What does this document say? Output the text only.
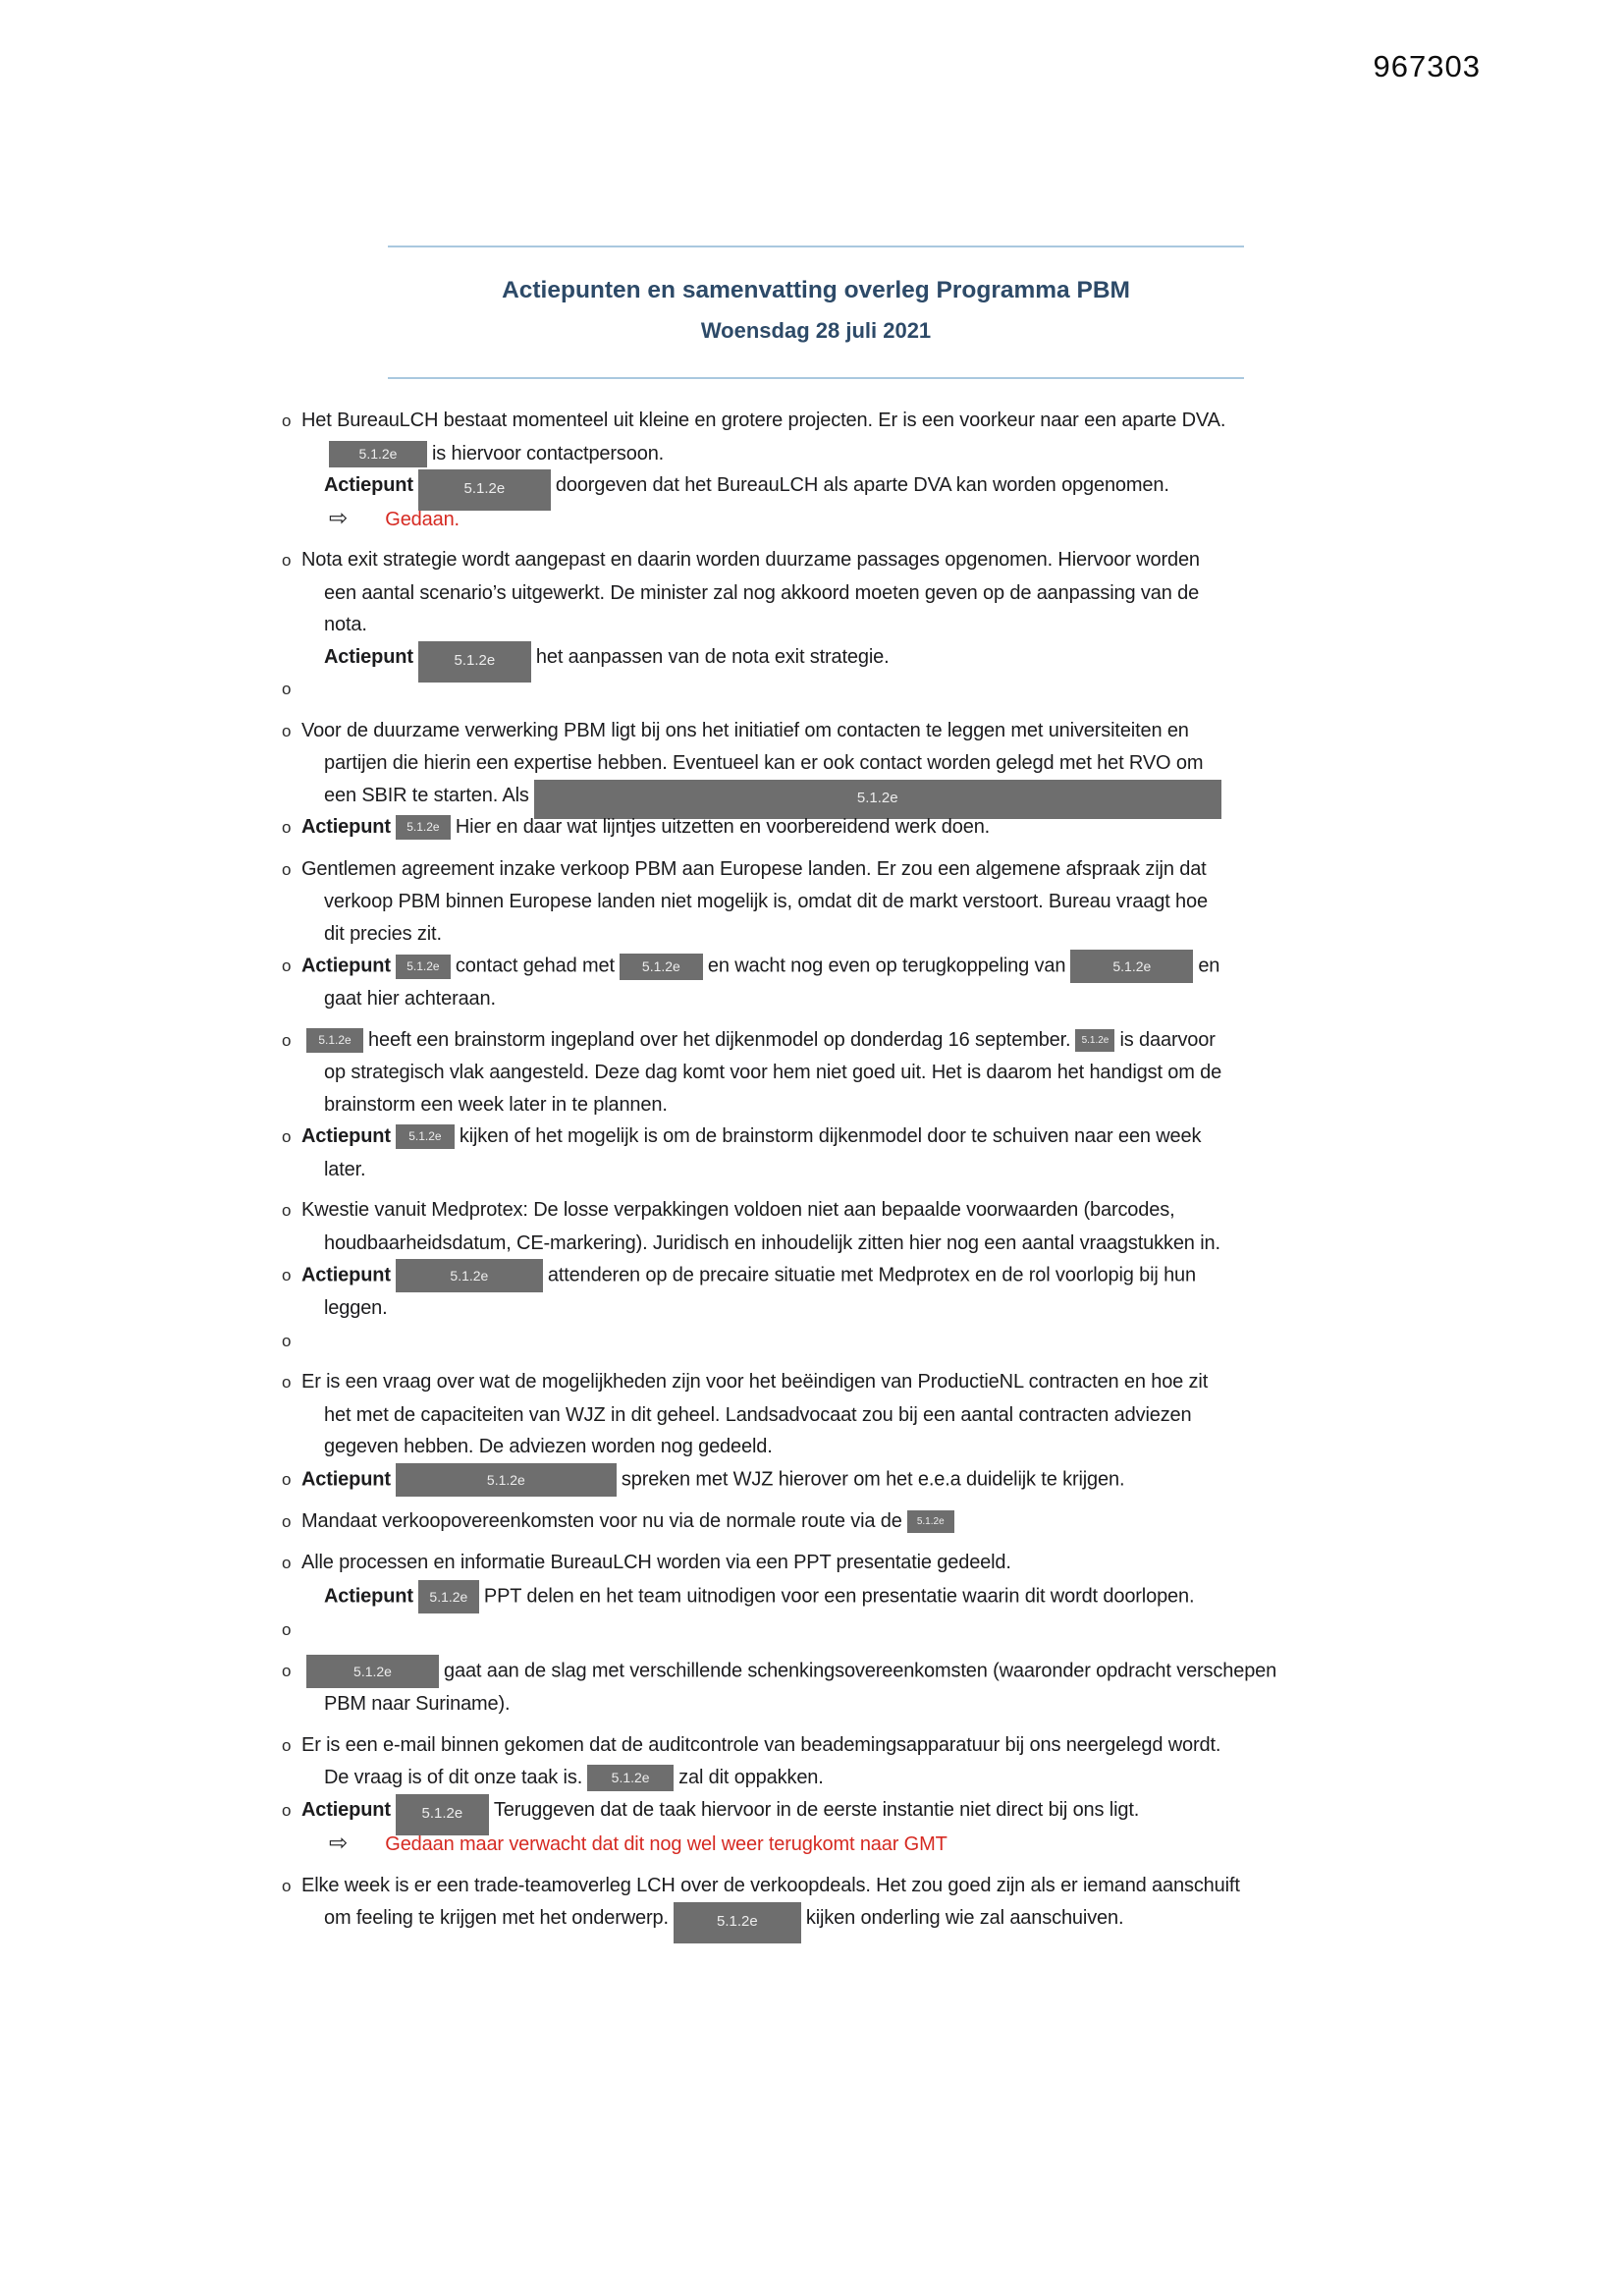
967303
Actiepunten en samenvatting overleg Programma PBM
Woensdag 28 juli 2021
o Het BureauLCH bestaat momenteel uit kleine en grotere projecten. Er is een voorkeur naar een aparte DVA.
5.1.2e is hiervoor contactpersoon.
Actiepunt	5.1.2e	doorgeven dat het BureauLCH als aparte DVA kan worden opgenomen.
⇨ Gedaan.
o Nota exit strategie wordt aangepast en daarin worden duurzame passages opgenomen. Hiervoor worden
een aantal scenario’s uitgewerkt. De minister zal nog akkoord moeten geven op de aanpassing van de
nota.
Actiepunt	5.1.2e het aanpassen van de nota exit strategie.
o
o Voor de duurzame verwerking PBM ligt bij ons het initiatief om contacten te leggen met universiteiten en
partijen die hierin een expertise hebben. Eventueel kan er ook contact worden gelegd met het RVO om
een SBIR te starten. Als	5.1.2e
o Actiepunt 5.1.2e Hier en daar wat lijntjes uitzetten en voorbereidend werk doen.
o Gentlemen agreement inzake verkoop PBM aan Europese landen. Er zou een algemene afspraak zijn dat
verkoop PBM binnen Europese landen niet mogelijk is, omdat dit de markt verstoort. Bureau vraagt hoe
dit precies zit.
o Actiepunt 5.1.2e contact gehad met 5.1.2e en wacht nog even op terugkoppeling van	5.1.2e en
gaat hier achteraan.
o 5.1.2e heeft een brainstorm ingepland over het dijkenmodel op donderdag 16 september. 5.1.2e is daarvoor
op strategisch vlak aangesteld. Deze dag komt voor hem niet goed uit. Het is daarom het handigst om de
brainstorm een week later in te plannen.
o Actiepunt 5.1.2e kijken of het mogelijk is om de brainstorm dijkenmodel door te schuiven naar een week
later.
o Kwestie vanuit Medprotex: De losse verpakkingen voldoen niet aan bepaalde voorwaarden (barcodes,
houdbaarheidsdatum, CE-markering). Juridisch en inhoudelijk zitten hier nog een aantal vraagstukken in.
o Actiepunt	5.1.2e	attenderen op de precaire situatie met Medprotex en de rol voorlopig bij hun
leggen.
o
o Er is een vraag over wat de mogelijkheden zijn voor het beëindigen van ProductieNL contracten en hoe zit
het met de capaciteiten van WJZ in dit geheel. Landsadvocaat zou bij een aantal contracten adviezen
gegeven hebben. De adviezen worden nog gedeeld.
o Actiepunt	5.1.2e	spreken met WJZ hierover om het e.e.a duidelijk te krijgen.
o Mandaat verkoopovereenkomsten voor nu via de normale route via de 5.1.2e
o Alle processen en informatie BureauLCH worden via een PPT presentatie gedeeld.
Actiepunt 5.1.2e PPT delen en het team uitnodigen voor een presentatie waarin dit wordt doorlopen.
o
o	5.1.2e	gaat aan de slag met verschillende schenkingsovereenkomsten (waaronder opdracht verschepen
PBM naar Suriname).
o Er is een e-mail binnen gekomen dat de auditcontrole van beademingsapparatuur bij ons neergelegd wordt.
De vraag is of dit onze taak is. 5.1.2e zal dit oppakken.
o Actiepunt 5.1.2e Teruggeven dat de taak hiervoor in de eerste instantie niet direct bij ons ligt.
⇨ Gedaan maar verwacht dat dit nog wel weer terugkomt naar GMT
o Elke week is er een trade-teamoverleg LCH over de verkoopdeals. Het zou goed zijn als er iemand aanschuift
om feeling te krijgen met het onderwerp.	5.1.2e kijken onderling wie zal aanschuiven.
